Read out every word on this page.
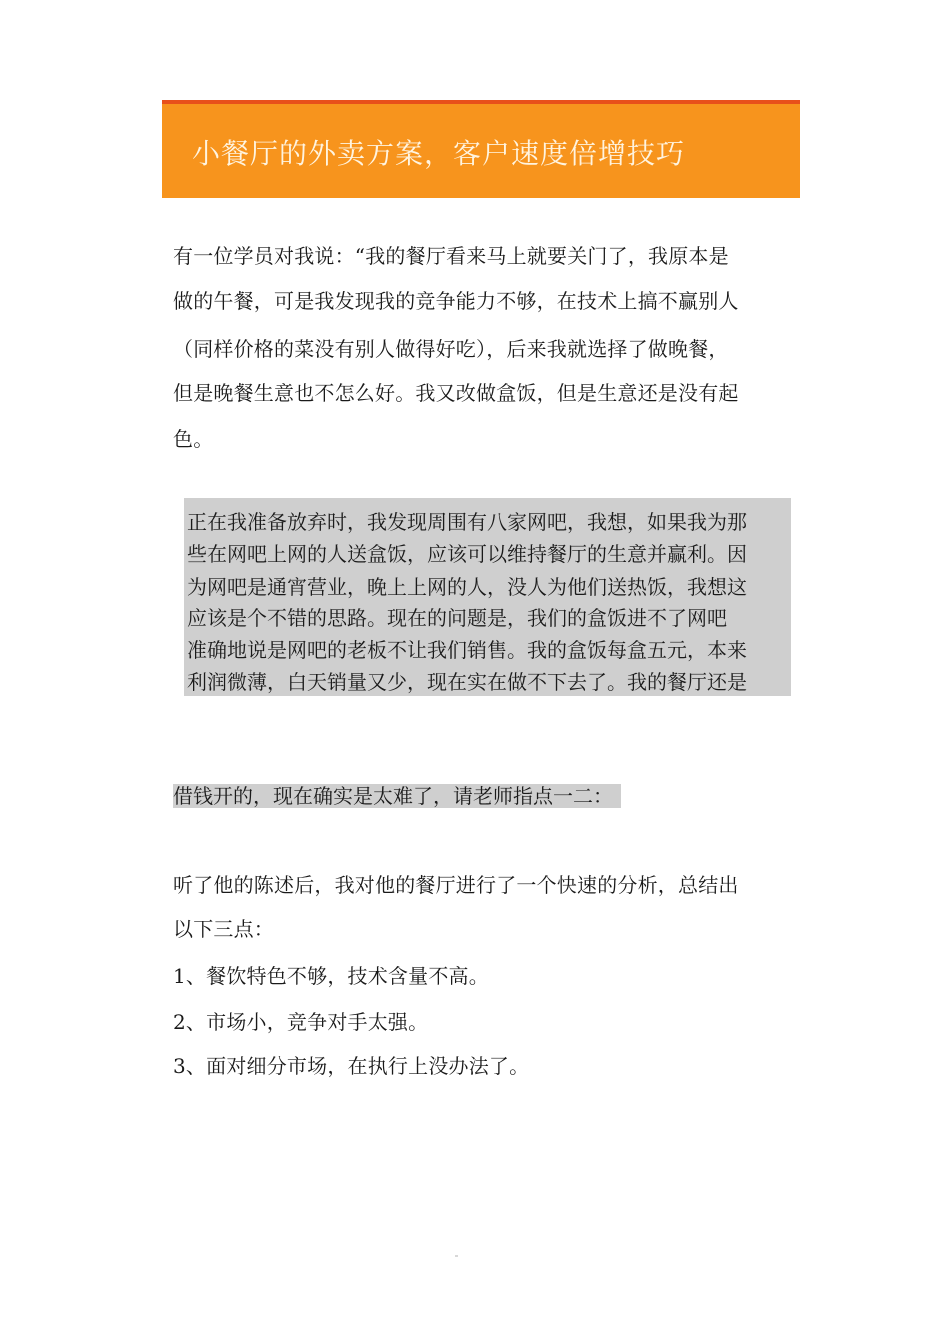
小餐厅的外卖方案，客户速度倍增技巧
有一位学员对我说：“我的餐厅看来马上就要关门了，我原本是
做的午餐，可是我发现我的竞争能力不够，在技术上搞不赢别人
（同样价格的菜没有别人做得好吃），后来我就选择了做晚餐，
但是晚餐生意也不怎么好。我又改做盒饭，但是生意还是没有起
色。
正在我准备放弃时，我发现周围有八家网吧，我想，如果我为那
些在网吧上网的人送盒饭，应该可以维持餐厅的生意并赢利。因
为网吧是通宵营业，晚上上网的人，没人为他们送热饭，我想这
应该是个不错的思路。现在的问题是，我们的盒饭进不了网吧
准确地说是网吧的老板不让我们销售。我的盒饭每盒五元，本来
利润微薄，白天销量又少，现在实在做不下去了。我的餐厅还是
借钱开的，现在确实是太难了，请老师指点一二：
听了他的陈述后，我对他的餐厅进行了一个快速的分析，总结出
以下三点：
1、餐饮特色不够，技术含量不高。
2、市场小，竞争对手太强。
3、面对细分市场，在执行上没办法了。
